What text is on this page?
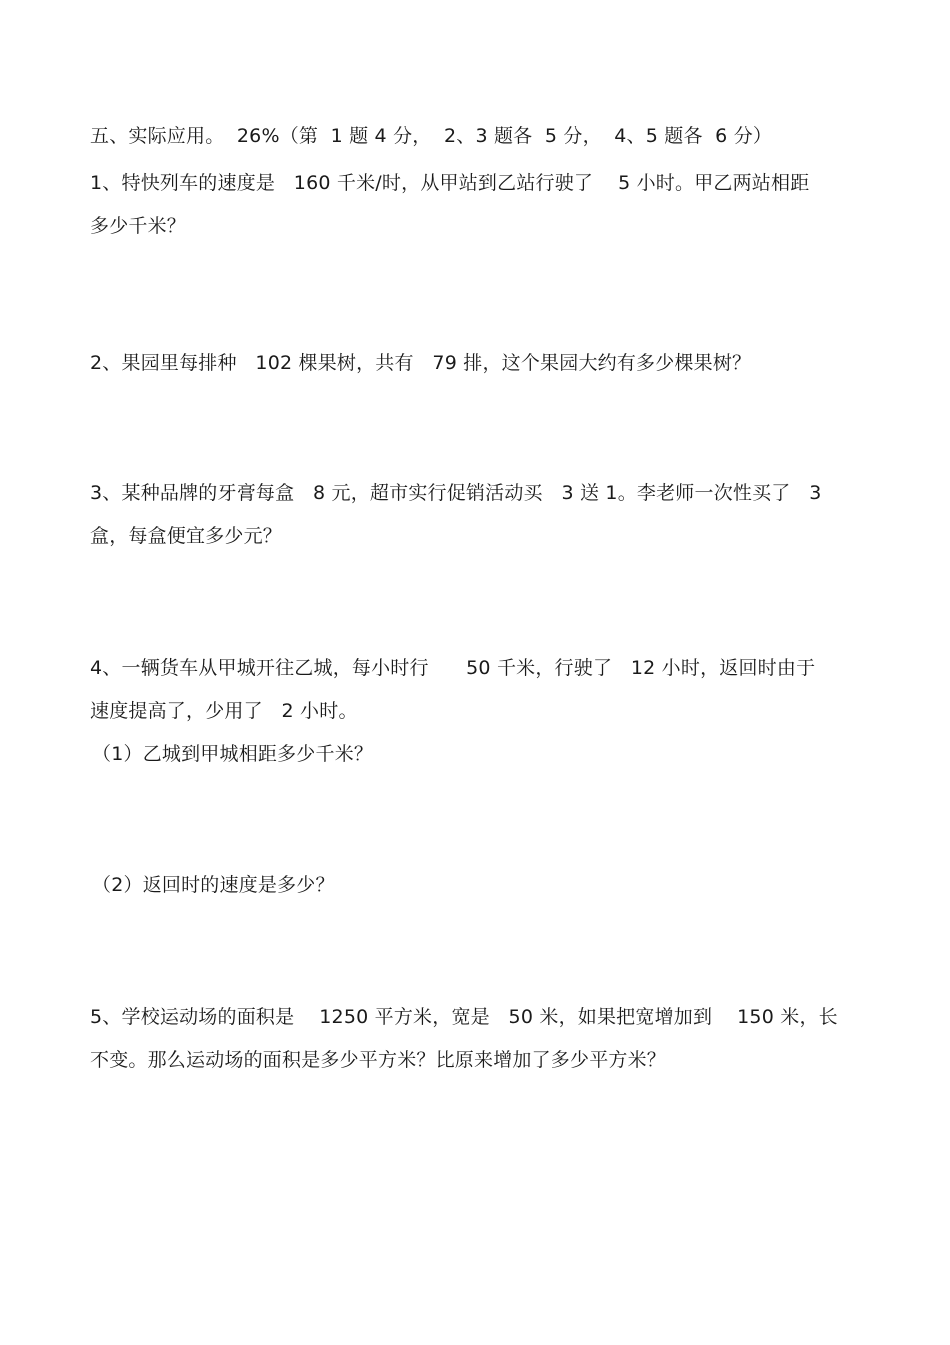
五、实际应用。  26%（第  1 题 4 分，  2、3 题各  5 分，  4、5 题各  6 分）
1、特快列车的速度是   160 千米/时，从甲站到乙站行驶了    5 小时。甲乙两站相距
多少千米？
2、果园里每排种   102 棵果树，共有   79 排，这个果园大约有多少棵果树？
3、某种品牌的牙膏每盒   8 元，超市实行促销活动买   3 送 1。李老师一次性买了   3
盒，每盒便宜多少元？
4、一辆货车从甲城开往乙城，每小时行      50 千米，行驶了   12 小时，返回时由于
速度提高了，少用了   2 小时。
（1）乙城到甲城相距多少千米？
（2）返回时的速度是多少？
5、学校运动场的面积是    1250 平方米，宽是   50 米，如果把宽增加到    150 米，长
不变。那么运动场的面积是多少平方米？比原来增加了多少平方米？
